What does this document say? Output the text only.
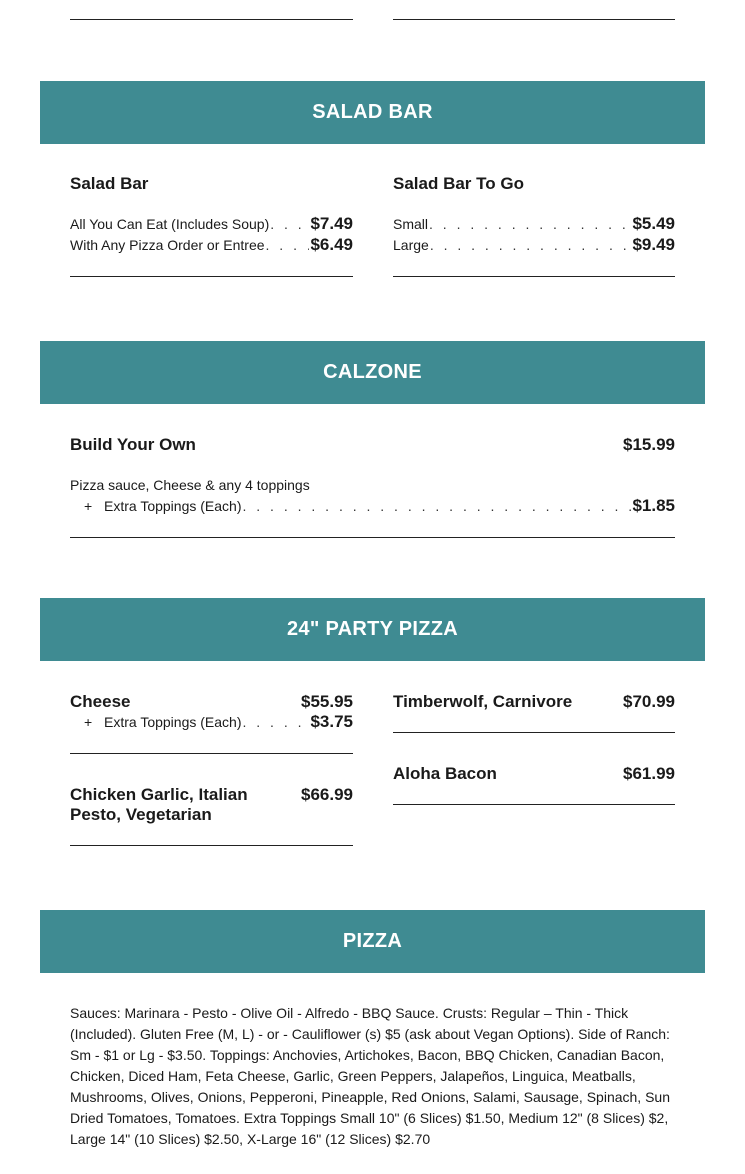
SALAD BAR
Salad Bar
All You Can Eat (Includes Soup) . . . $7.49
With Any Pizza Order or Entree . . .	$6.49
Salad Bar To Go
Small . . .	$5.49
Large . . .	$9.49
CALZONE
Build Your Own	$15.99
Pizza sauce, Cheese & any 4 toppings
+ Extra Toppings (Each) . . .	$1.85
24" PARTY PIZZA
Cheese	$55.95
+ Extra Toppings (Each) . . .	$3.75
Chicken Garlic, Italian Pesto, Vegetarian
$66.99
Timberwolf, Carnivore	$70.99
Aloha Bacon	$61.99
PIZZA
Sauces: Marinara - Pesto - Olive Oil - Alfredo - BBQ Sauce. Crusts: Regular – Thin - Thick (Included). Gluten Free (M, L) - or - Cauliflower (s) $5 (ask about Vegan Options). Side of Ranch: Sm - $1 or Lg - $3.50. Toppings: Anchovies, Artichokes, Bacon, BBQ Chicken, Canadian Bacon, Chicken, Diced Ham, Feta Cheese, Garlic, Green Peppers, Jalapeños, Linguica, Meatballs, Mushrooms, Olives, Onions, Pepperoni, Pineapple, Red Onions, Salami, Sausage, Spinach, Sun Dried Tomatoes, Tomatoes. Extra Toppings Small 10" (6 Slices) $1.50, Medium 12" (8 Slices) $2, Large 14" (10 Slices) $2.50, X-Large 16" (12 Slices) $2.70
